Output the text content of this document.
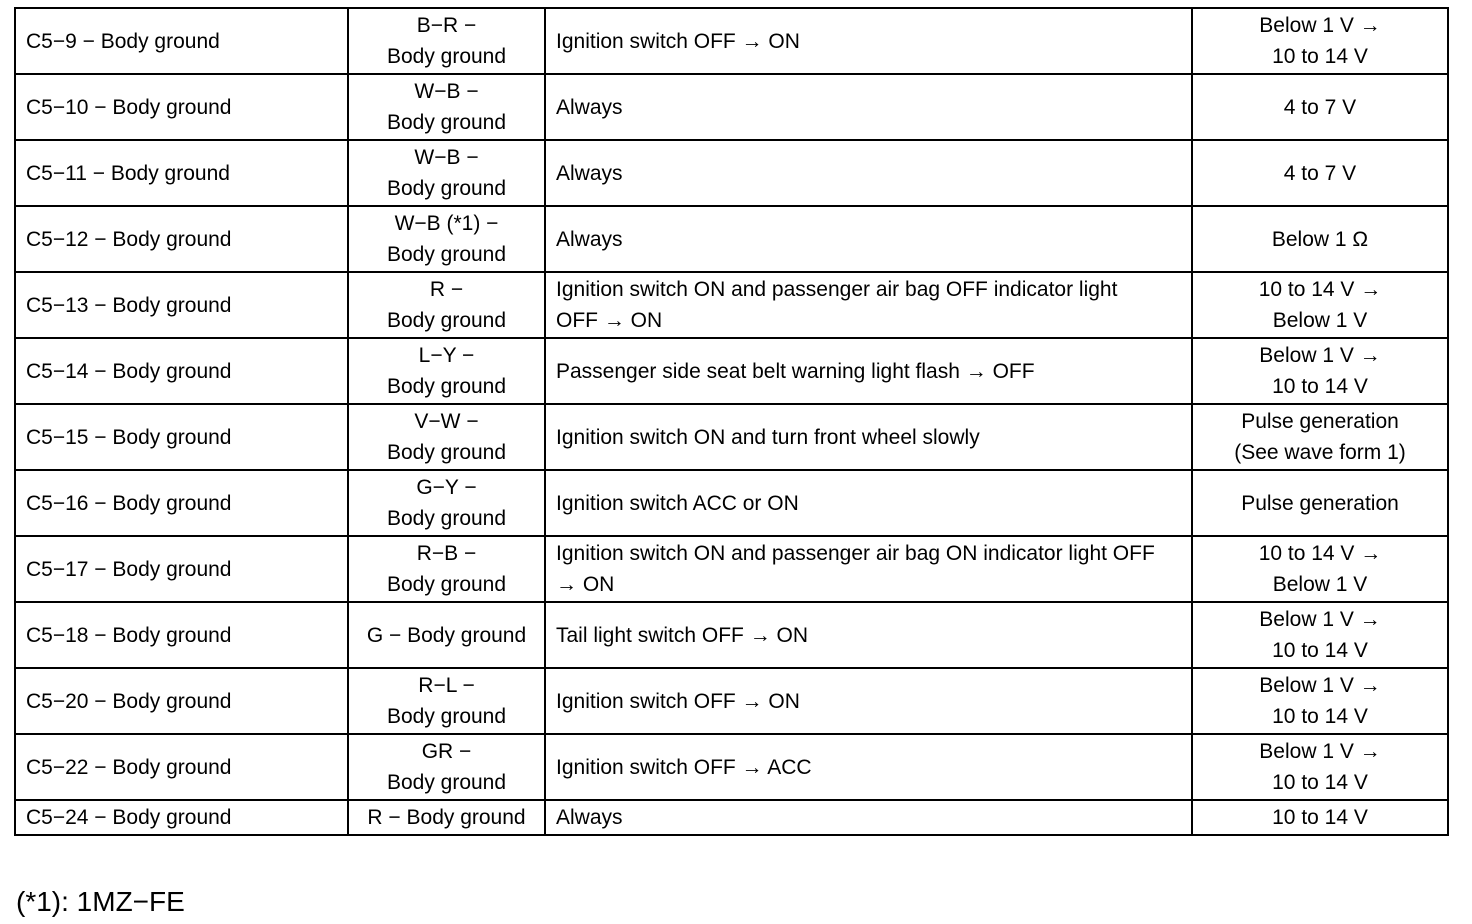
C5−9 − Body ground	B−R −
Body ground	Ignition switch OFF → ON	Below 1 V →
10 to 14 V

C5−10 − Body ground	W−B −
Body ground	Always	4 to 7 V

C5−11 − Body ground	W−B −
Body ground	Always	4 to 7 V

C5−12 − Body ground	W−B (*1) −
Body ground	Always	Below 1 Ω

C5−13 − Body ground	R −
Body ground	Ignition switch ON and passenger air bag OFF indicator light
OFF → ON	10 to 14 V →
Below 1 V

C5−14 − Body ground	L−Y −
Body ground	Passenger side seat belt warning light flash → OFF	Below 1 V →
10 to 14 V

C5−15 − Body ground	V−W −
Body ground	Ignition switch ON and turn front wheel slowly	Pulse generation
(See wave form 1)

C5−16 − Body ground	G−Y −
Body ground	Ignition switch ACC or ON	Pulse generation

C5−17 − Body ground	R−B −
Body ground	Ignition switch ON and passenger air bag ON indicator light OFF
→ ON	10 to 14 V →
Below 1 V

C5−18 − Body ground	G − Body ground	Tail light switch OFF → ON	Below 1 V →
10 to 14 V

C5−20 − Body ground	R−L −
Body ground	Ignition switch OFF → ON	Below 1 V →
10 to 14 V

C5−22 − Body ground	GR −
Body ground	Ignition switch OFF → ACC	Below 1 V →
10 to 14 V

C5−24 − Body ground	R − Body ground	Always	10 to 14 V
(*1): 1MZ−FE
